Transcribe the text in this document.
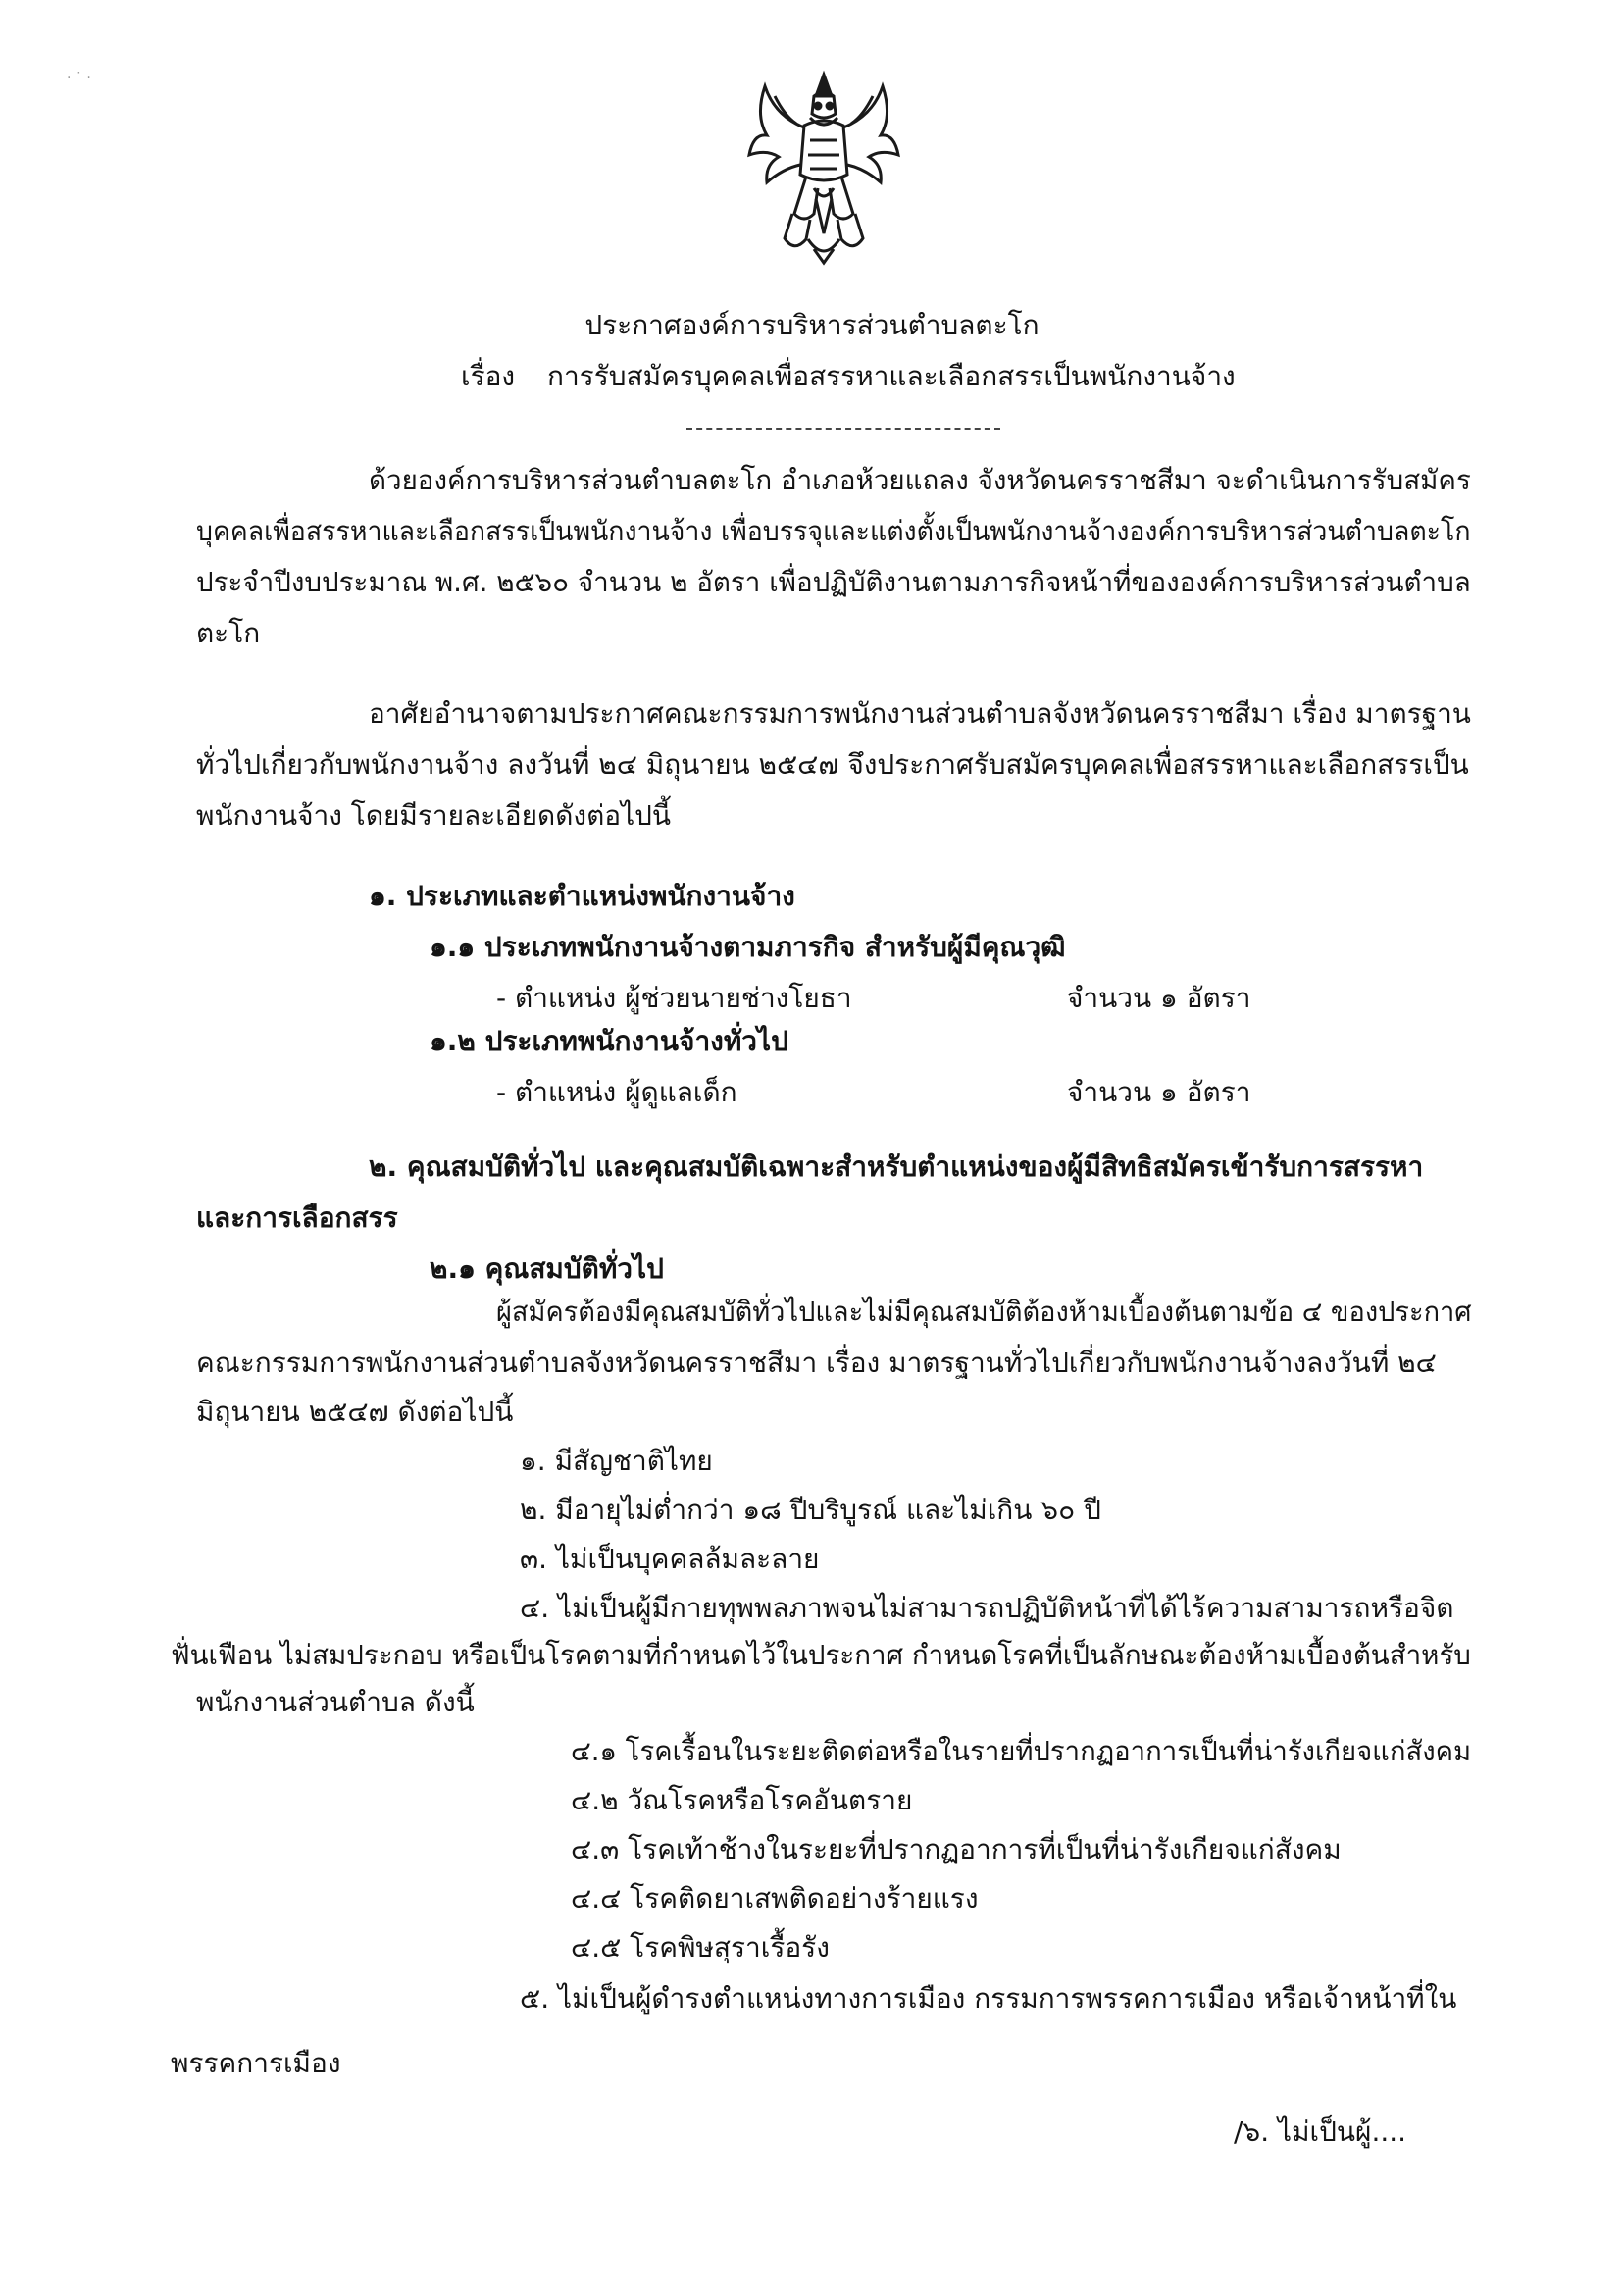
· ˙ ·
ประกาศองค์การบริหารส่วนตำบลตะโก
เรื่อง การรับสมัครบุคคลเพื่อสรรหาและเลือกสรรเป็นพนักงานจ้าง
ด้วยองค์การบริหารส่วนตำบลตะโก อำเภอห้วยแถลง จังหวัดนครราชสีมา จะดำเนินการรับสมัคร
บุคคลเพื่อสรรหาและเลือกสรรเป็นพนักงานจ้าง เพื่อบรรจุและแต่งตั้งเป็นพนักงานจ้างองค์การบริหารส่วนตำบลตะโก
ประจำปีงบประมาณ พ.ศ. ๒๕๖๐ จำนวน ๒ อัตรา เพื่อปฏิบัติงานตามภารกิจหน้าที่ขององค์การบริหารส่วนตำบล
ตะโก
อาศัยอำนาจตามประกาศคณะกรรมการพนักงานส่วนตำบลจังหวัดนครราชสีมา เรื่อง มาตรฐาน
ทั่วไปเกี่ยวกับพนักงานจ้าง ลงวันที่ ๒๔ มิถุนายน ๒๕๔๗ จึงประกาศรับสมัครบุคคลเพื่อสรรหาและเลือกสรรเป็น
พนักงานจ้าง โดยมีรายละเอียดดังต่อไปนี้
๑. ประเภทและตำแหน่งพนักงานจ้าง
๑.๑ ประเภทพนักงานจ้างตามภารกิจ สำหรับผู้มีคุณวุฒิ
- ตำแหน่ง ผู้ช่วยนายช่างโยธา	จำนวน ๑ อัตรา
๑.๒ ประเภทพนักงานจ้างทั่วไป
- ตำแหน่ง ผู้ดูแลเด็ก	จำนวน ๑ อัตรา
๒. คุณสมบัติทั่วไป และคุณสมบัติเฉพาะสำหรับตำแหน่งของผู้มีสิทธิสมัครเข้ารับการสรรหา
และการเลือกสรร
๒.๑ คุณสมบัติทั่วไป
ผู้สมัครต้องมีคุณสมบัติทั่วไปและไม่มีคุณสมบัติต้องห้ามเบื้องต้นตามข้อ ๔ ของประกาศ
คณะกรรมการพนักงานส่วนตำบลจังหวัดนครราชสีมา เรื่อง มาตรฐานทั่วไปเกี่ยวกับพนักงานจ้างลงวันที่ ๒๔
มิถุนายน ๒๕๔๗ ดังต่อไปนี้
๑. มีสัญชาติไทย
๒. มีอายุไม่ต่ำกว่า ๑๘ ปีบริบูรณ์ และไม่เกิน ๖๐ ปี
๓. ไม่เป็นบุคคลล้มละลาย
๔. ไม่เป็นผู้มีกายทุพพลภาพจนไม่สามารถปฏิบัติหน้าที่ได้ไร้ความสามารถหรือจิต
ฟั่นเฟือน ไม่สมประกอบ หรือเป็นโรคตามที่กำหนดไว้ในประกาศ กำหนดโรคที่เป็นลักษณะต้องห้ามเบื้องต้นสำหรับ
พนักงานส่วนตำบล ดังนี้
๔.๑ โรคเรื้อนในระยะติดต่อหรือในรายที่ปรากฏอาการเป็นที่น่ารังเกียจแก่สังคม
๔.๒ วัณโรคหรือโรคอันตราย
๔.๓ โรคเท้าช้างในระยะที่ปรากฏอาการที่เป็นที่น่ารังเกียจแก่สังคม
๔.๔ โรคติดยาเสพติดอย่างร้ายแรง
๔.๕ โรคพิษสุราเรื้อรัง
๕. ไม่เป็นผู้ดำรงตำแหน่งทางการเมือง กรรมการพรรคการเมือง หรือเจ้าหน้าที่ใน
พรรคการเมือง
/๖. ไม่เป็นผู้....
